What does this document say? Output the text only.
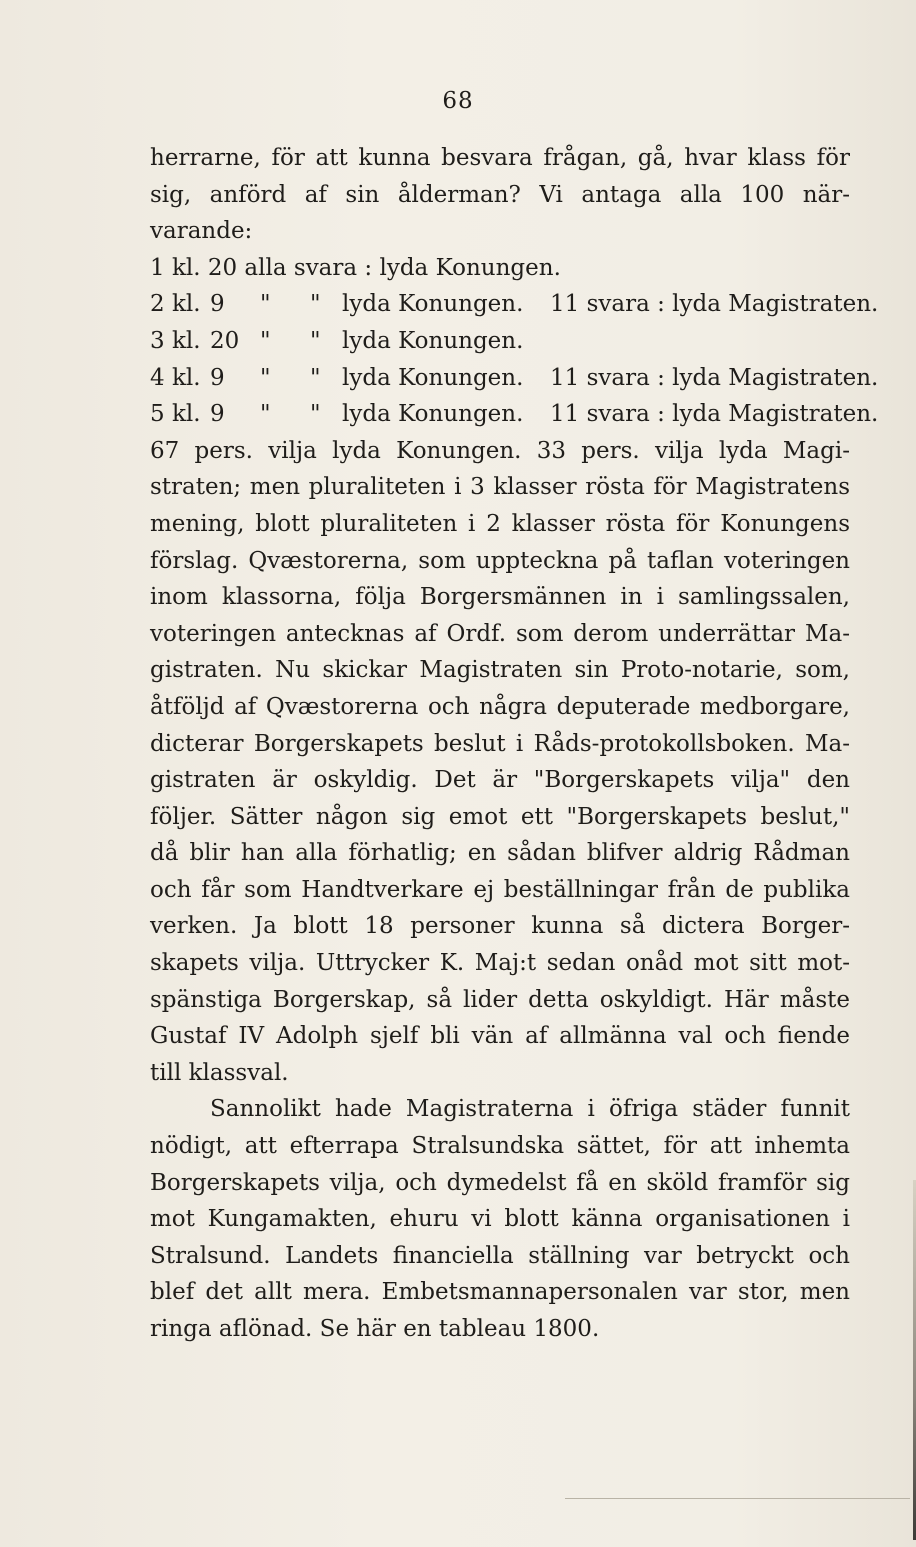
68
herrarne, för att kunna besvara frågan, gå, hvar klass för
sig, anförd af sin ålderman? Vi antaga alla 100 när-
varande:
1 kl. 20 alla svara : lyda Konungen.
2 kl. 9 " " lyda Konungen. 11 svara : lyda Magistraten.
3 kl. 20 " " lyda Konungen.
4 kl. 9 " " lyda Konungen. 11 svara : lyda Magistraten.
5 kl. 9 " " lyda Konungen. 11 svara : lyda Magistraten.
67 pers. vilja lyda Konungen. 33 pers. vilja lyda Magi-
straten; men pluraliteten i 3 klasser rösta för Magistratens
mening, blott pluraliteten i 2 klasser rösta för Konungens
förslag. Qvæstorerna, som uppteckna på taflan voteringen
inom klassorna, följa Borgersmännen in i samlingssalen,
voteringen antecknas af Ordf. som derom underrättar Ma-
gistraten. Nu skickar Magistraten sin Proto-notarie, som,
åtföljd af Qvæstorerna och några deputerade medborgare,
dicterar Borgerskapets beslut i Råds-protokollsboken. Ma-
gistraten är oskyldig. Det är "Borgerskapets vilja" den
följer. Sätter någon sig emot ett "Borgerskapets beslut,"
då blir han alla förhatlig; en sådan blifver aldrig Rådman
och får som Handtverkare ej beställningar från de publika
verken. Ja blott 18 personer kunna så dictera Borger-
skapets vilja. Uttrycker K. Maj:t sedan onåd mot sitt mot-
spänstiga Borgerskap, så lider detta oskyldigt. Här måste
Gustaf IV Adolph sjelf bli vän af allmänna val och fiende
till klassval.
Sannolikt hade Magistraterna i öfriga städer funnit
nödigt, att efterrapa Stralsundska sättet, för att inhemta
Borgerskapets vilja, och dymedelst få en sköld framför sig
mot Kungamakten, ehuru vi blott känna organisationen i
Stralsund. Landets financiella ställning var betryckt och
blef det allt mera. Embetsmannapersonalen var stor, men
ringa aflönad. Se här en tableau 1800.
